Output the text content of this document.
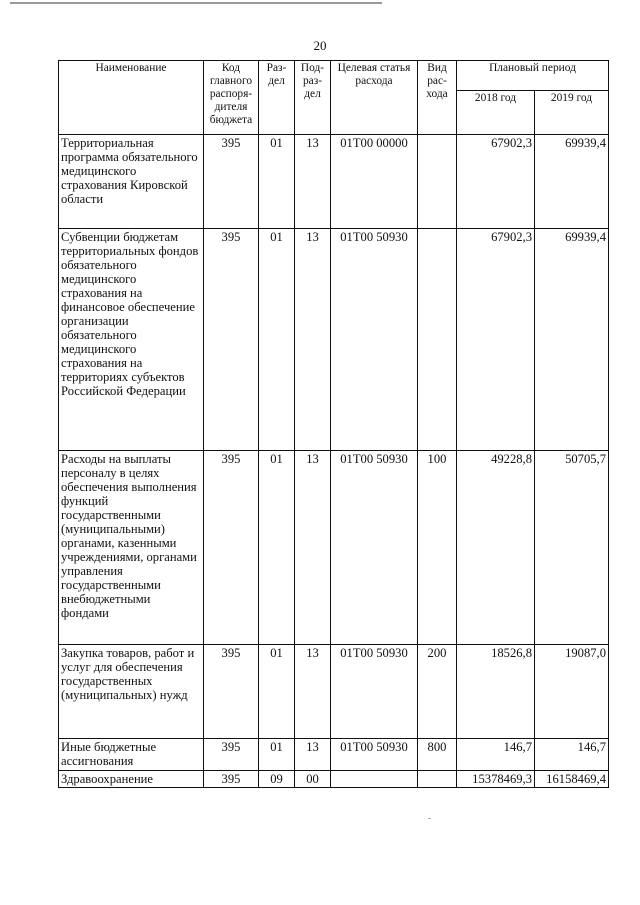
20
Наименование	Код главного распоря-дителя бюджета	Раз-дел	Под-раз-дел	Целевая статья расхода	Вид рас-хода	Плановый период	
						2018 год	2019 год
Территориальная программа обязательного медицинского страхования Кировской области	395	01	13	01Т00 00000		67902,3	69939,4
Субвенции бюджетам территориальных фондов обязательного медицинского страхования на финансовое обеспечение организации обязательного медицинского страхования на территориях субъектов Российской Федерации	395	01	13	01Т00 50930		67902,3	69939,4
Расходы на выплаты персоналу в целях обеспечения выполнения функций государственными (муниципальными) органами, казенными учреждениями, органами управления государственными внебюджетными фондами	395	01	13	01Т00 50930	100	49228,8	50705,7
Закупка товаров, работ и услуг для обеспечения государственных (муниципальных) нужд	395	01	13	01Т00 50930	200	18526,8	19087,0
Иные бюджетные ассигнования	395	01	13	01Т00 50930	800	146,7	146,7
Здравоохранение	395	09	00			15378469,3	16158469,4
